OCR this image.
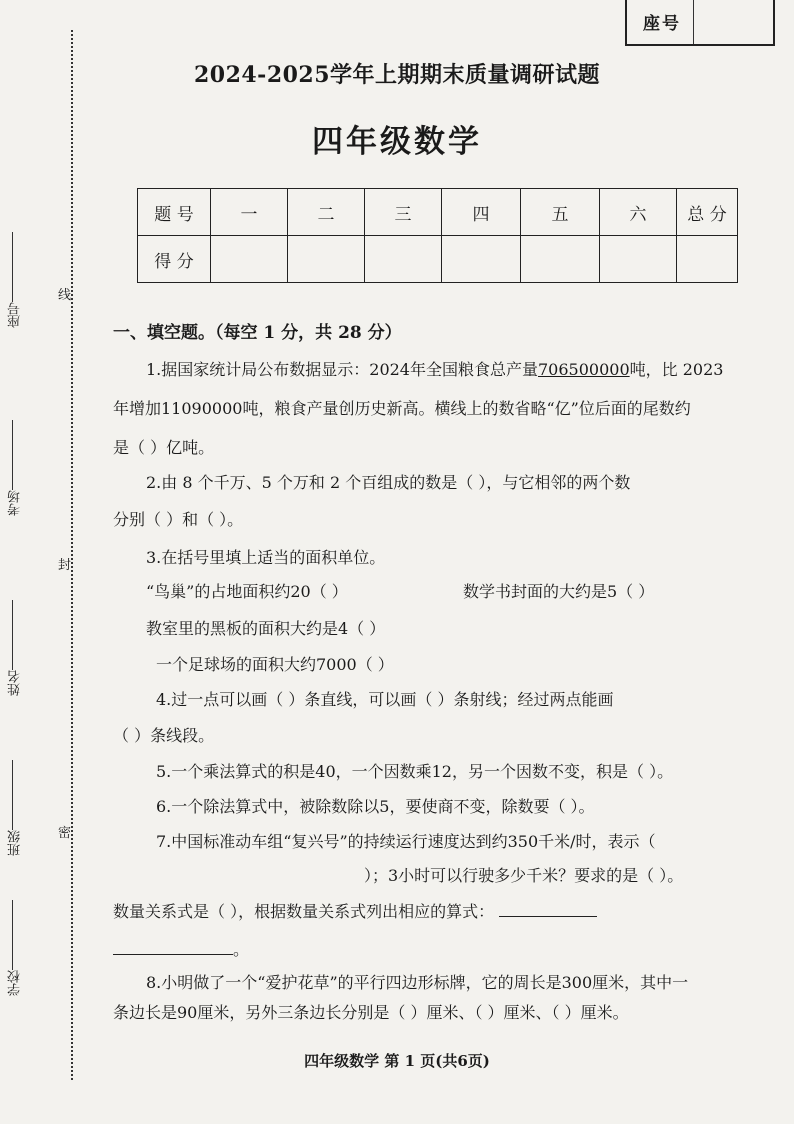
座号
线
封
密
座号
考场
姓名
班级
学校
2024-2025学年上期期末质量调研试题
四年级数学
题 号	一	二	三	四	五	六	总 分
得 分							
一、填空题。（每空 1 分，共 28 分）
1.据国家统计局公布数据显示：2024年全国粮食总产量706500000吨，比 2023
年增加11090000吨，粮食产量创历史新高。横线上的数省略“亿”位后面的尾数约
是（ ）亿吨。
2.由 8 个千万、5 个万和 2 个百组成的数是（ ），与它相邻的两个数
分别（ ）和（ ）。
3.在括号里填上适当的面积单位。
“鸟巢”的占地面积约20（ ）	数学书封面的大约是5（ ）
教室里的黑板的面积大约是4（ ）
一个足球场的面积大约7000（ ）
4.过一点可以画（ ）条直线，可以画（ ）条射线；经过两点能画
（ ）条线段。
5.一个乘法算式的积是40，一个因数乘12，另一个因数不变，积是（ ）。
6.一个除法算式中，被除数除以5，要使商不变，除数要（ ）。
7.中国标准动车组“复兴号”的持续运行速度达到约350千米/时，表示（
）；3小时可以行驶多少千米？要求的是（ ）。
数量关系式是（ ），根据数量关系式列出相应的算式：
。
8.小明做了一个“爱护花草”的平行四边形标牌，它的周长是300厘米，其中一
条边长是90厘米，另外三条边长分别是（ ）厘米、（ ）厘米、（ ）厘米。
四年级数学 第 1 页(共6页)
